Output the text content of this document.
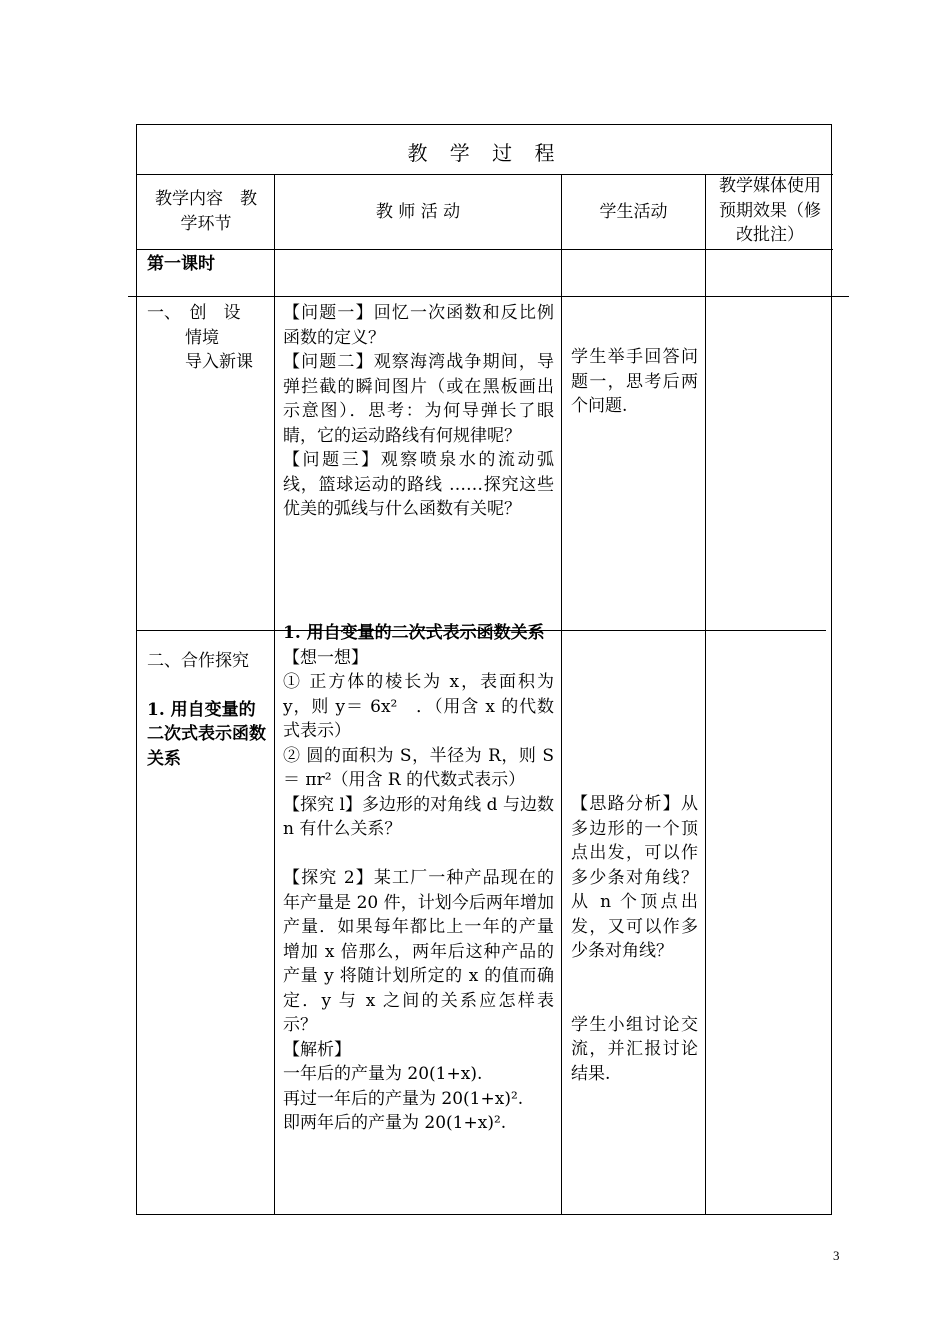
教 学 过 程
教学内容　教学环节
教 师 活 动	学生活动
教学媒体使用预期效果（修改批注）
第一课时
一、　创　设
情境
导入新课

【问题一】回忆一次函数和反比例函数的定义？

【问题二】观察海湾战争期间，导弹拦截的瞬间图片（或在黑板画出示意图）．思考：为何导弹长了眼睛，它的运动路线有何规律呢？

【问题三】观察喷泉水的流动弧线，篮球运动的路线 ……探究这些优美的弧线与什么函数有关呢？

学生举手回答问题一，思考后两个问题.
二、合作探究
1. 用自变量的二次式表示函数关系

1. 用自变量的二次式表示函数关系

【想一想】

① 正方体的棱长为 x，表面积为 y，则 y＝ 6x²　．（用含 x 的代数式表示）

② 圆的面积为 S，半径为 R，则 S ＝ πr²（用含 R 的代数式表示）

【探究 l】多边形的对角线 d 与边数 n 有什么关系？

【探究 2】某工厂一种产品现在的年产量是 20 件，计划今后两年增加产量．如果每年都比上一年的产量增加 x 倍那么，两年后这种产品的产量 y 将随计划所定的 x 的值而确定．y 与 x 之间的关系应怎样表示？

【解析】

一年后的产量为 20(1+x).

再过一年后的产量为 20(1+x)².

即两年后的产量为 20(1+x)².

【思路分析】从多边形的一个顶点出发，可以作多少条对角线？从 n 个顶点出发，又可以作多少条对角线？

学生小组讨论交流，并汇报讨论结果.

3
